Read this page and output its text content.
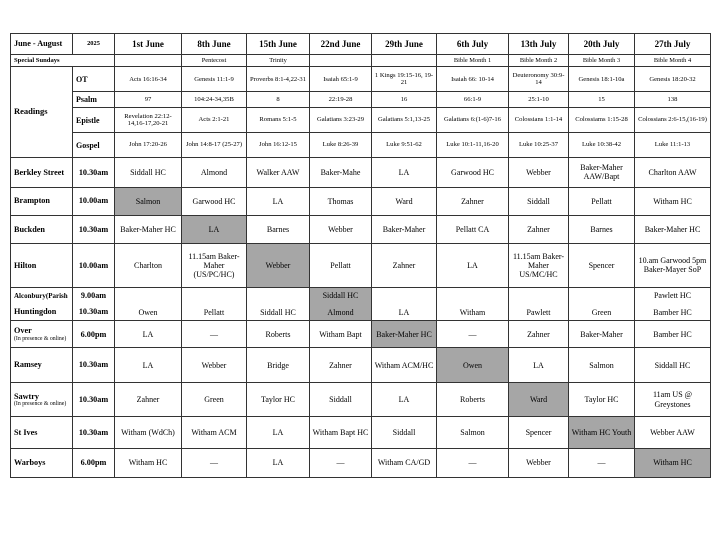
June - August	2025	1st June	8th June	15th June	22nd June	29th June	6th July	13th July	20th July	27th July
Special Sundays			Pentecost	Trinity			Bible Month 1	Bible Month 2	Bible Month 3	Bible Month 4
Readings	OT	Acts 16:16-34	Genesis 11:1-9	Proverbs 8:1-4,22-31	Isaiah 65:1-9	1 Kings 19:15-16, 19-21	Isaiah 66: 10-14	Deuteronomy 30:9-14	Genesis 18:1-10a	Genesis 18:20-32
	Psalm	97	104:24-34,35B	8	22:19-28	16	66:1-9	25:1-10	15	138
	Epistle	Revelation 22:12-14,16-17,20-21	Acts 2:1-21	Romans 5:1-5	Galatians 3:23-29	Galatians 5:1,13-25	Galatians 6:(1-6)7-16	Colossians 1:1-14	Colossiams 1:15-28	Colossians 2:6-15,(16-19)
	Gospel	John 17:20-26	John 14:8-17 (25-27)	John 16:12-15	Luke 8:26-39	Luke 9:51-62	Luke 10:1-11,16-20	Luke 10:25-37	Luke 10:38-42	Luke 11:1-13
Berkley Street	10.30am	Siddall HC	Almond	Walker AAW	Baker-Mahe	LA	Garwood HC	Webber	Baker-Maher AAW/Bapt	Charlton AAW
Brampton	10.00am	Salmon	Garwood HC	LA	Thomas	Ward	Zahner	Siddall	Pellatt	Witham HC
Buckden	10.30am	Baker-Maher HC	LA	Barnes	Webber	Baker-Maher	Pellatt CA	Zahner	Barnes	Baker-Maher HC
Hilton	10.00am	Charlton	11.15am Baker-Maher (US/PC/HC)	Webber	Pellatt	Zahner	LA	11.15am Baker-Maher US/MC/HC	Spencer	10.am Garwood 5pm Baker-Mayer SoP
Alconbury(Parish	9.00am				Siddall HC					Pawlett HC
Huntingdon	10.30am	Owen	Pellatt	Siddall HC	Almond	LA	Witham	Pawlett	Green	Bamber HC

Over
(In presence & online)	6.00pm	LA	—	Roberts	Witham Bapt	Baker-Maher HC	—	Zahner	Baker-Maher	Bamber HC
Ramsey	10.30am	LA	Webber	Bridge	Zahner	Witham ACM/HC	Owen	LA	Salmon	Siddall HC

Sawtry
(In presence & online)	10.30am	Zahner	Green	Taylor HC	Siddall	LA	Roberts	Ward	Taylor HC	11am US @ Greystones
St Ives	10.30am	Witham (WdCh)	Witham ACM	LA	Witham Bapt HC	Siddall	Salmon	Spencer	Witham HC Youth	Webber AAW
Warboys	6.00pm	Witham HC	—	LA	—	Witham CA/GD	—	Webber	—	Witham HC
